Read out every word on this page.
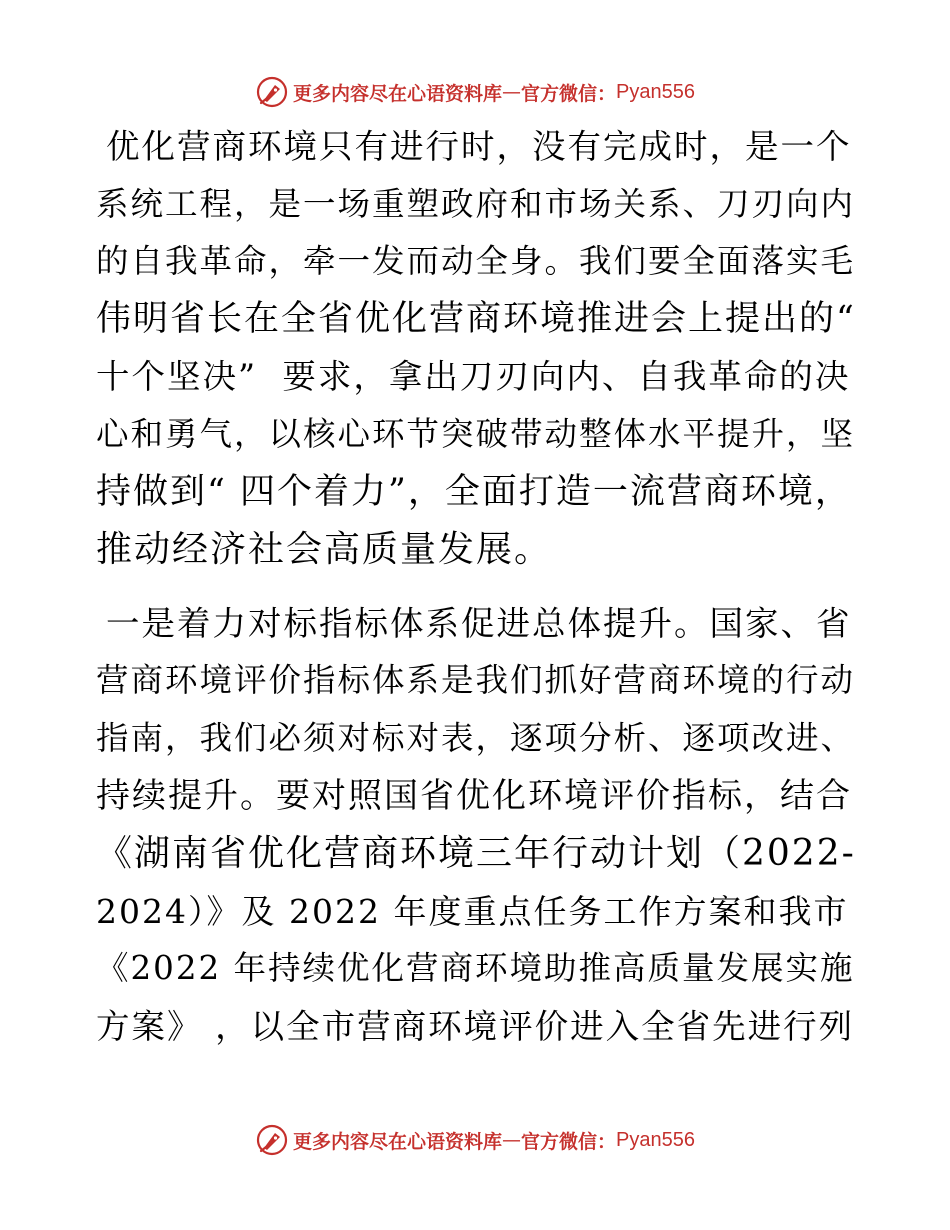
更多内容尽在心语资料库 — 官方微信： Pyan556
优化营商环境只有进行时，没有完成时，是一个
系统工程，是一场重塑政府和市场关系、刀刃向内
的自我革命，牵一发而动全身。我们要全面落实毛
伟明省长在全省优化营商环境推进会上提出的“
十个坚决”  要求，拿出刀刃向内、自我革命的决
心和勇气，以核心环节突破带动整体水平提升，坚
持做到“ 四个着力”，全面打造一流营商环境，
推动经济社会高质量发展。
一是着力对标指标体系促进总体提升。国家、省
营商环境评价指标体系是我们抓好营商环境的行动
指南，我们必须对标对表，逐项分析、逐项改进、
持续提升。要对照国省优化环境评价指标，结合
《湖南省优化营商环境三年行动计划（2022-
2024）》及 2022 年度重点任务工作方案和我市
《2022 年持续优化营商环境助推高质量发展实施
方案》 ，以全市营商环境评价进入全省先进行列
更多内容尽在心语资料库 — 官方微信： Pyan556
